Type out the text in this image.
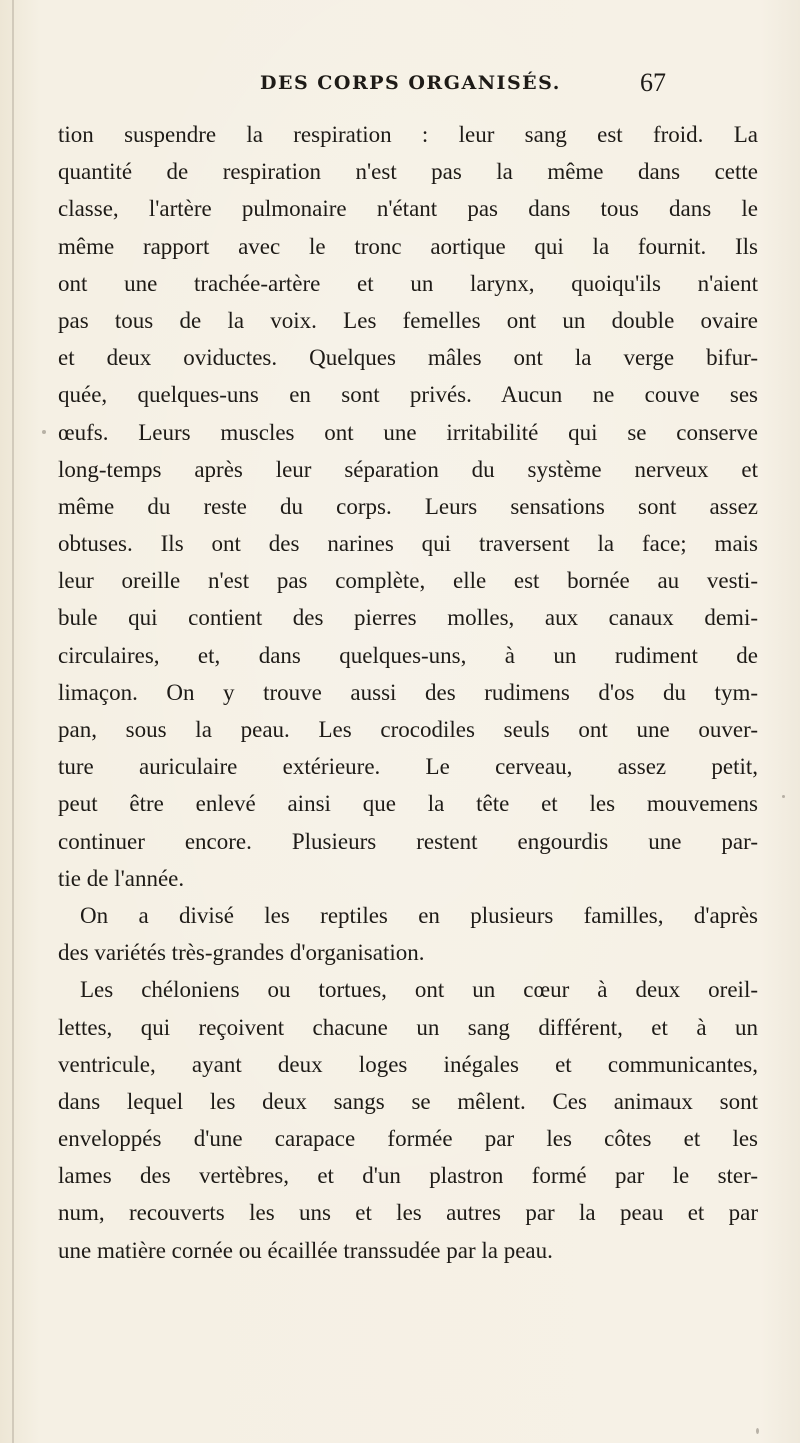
DES CORPS ORGANISÉS.	67
tion suspendre la respiration : leur sang est froid. La
quantité de respiration n'est pas la même dans cette
classe, l'artère pulmonaire n'étant pas dans tous dans le
même rapport avec le tronc aortique qui la fournit. Ils
ont une trachée-artère et un larynx, quoiqu'ils n'aient
pas tous de la voix. Les femelles ont un double ovaire
et deux oviductes. Quelques mâles ont la verge bifur-
quée, quelques-uns en sont privés. Aucun ne couve ses
œufs. Leurs muscles ont une irritabilité qui se conserve
long-temps après leur séparation du système nerveux et
même du reste du corps. Leurs sensations sont assez
obtuses. Ils ont des narines qui traversent la face; mais
leur oreille n'est pas complète, elle est bornée au vesti-
bule qui contient des pierres molles, aux canaux demi-
circulaires, et, dans quelques-uns, à un rudiment de
limaçon. On y trouve aussi des rudimens d'os du tym-
pan, sous la peau. Les crocodiles seuls ont une ouver-
ture auriculaire extérieure. Le cerveau, assez petit,
peut être enlevé ainsi que la tête et les mouvemens
continuer encore. Plusieurs restent engourdis une par-
tie de l'année.
On a divisé les reptiles en plusieurs familles, d'après
des variétés très-grandes d'organisation.
Les chéloniens ou tortues, ont un cœur à deux oreil-
lettes, qui reçoivent chacune un sang différent, et à un
ventricule, ayant deux loges inégales et communicantes,
dans lequel les deux sangs se mêlent. Ces animaux sont
enveloppés d'une carapace formée par les côtes et les
lames des vertèbres, et d'un plastron formé par le ster-
num, recouverts les uns et les autres par la peau et par
une matière cornée ou écaillée transsudée par la peau.
